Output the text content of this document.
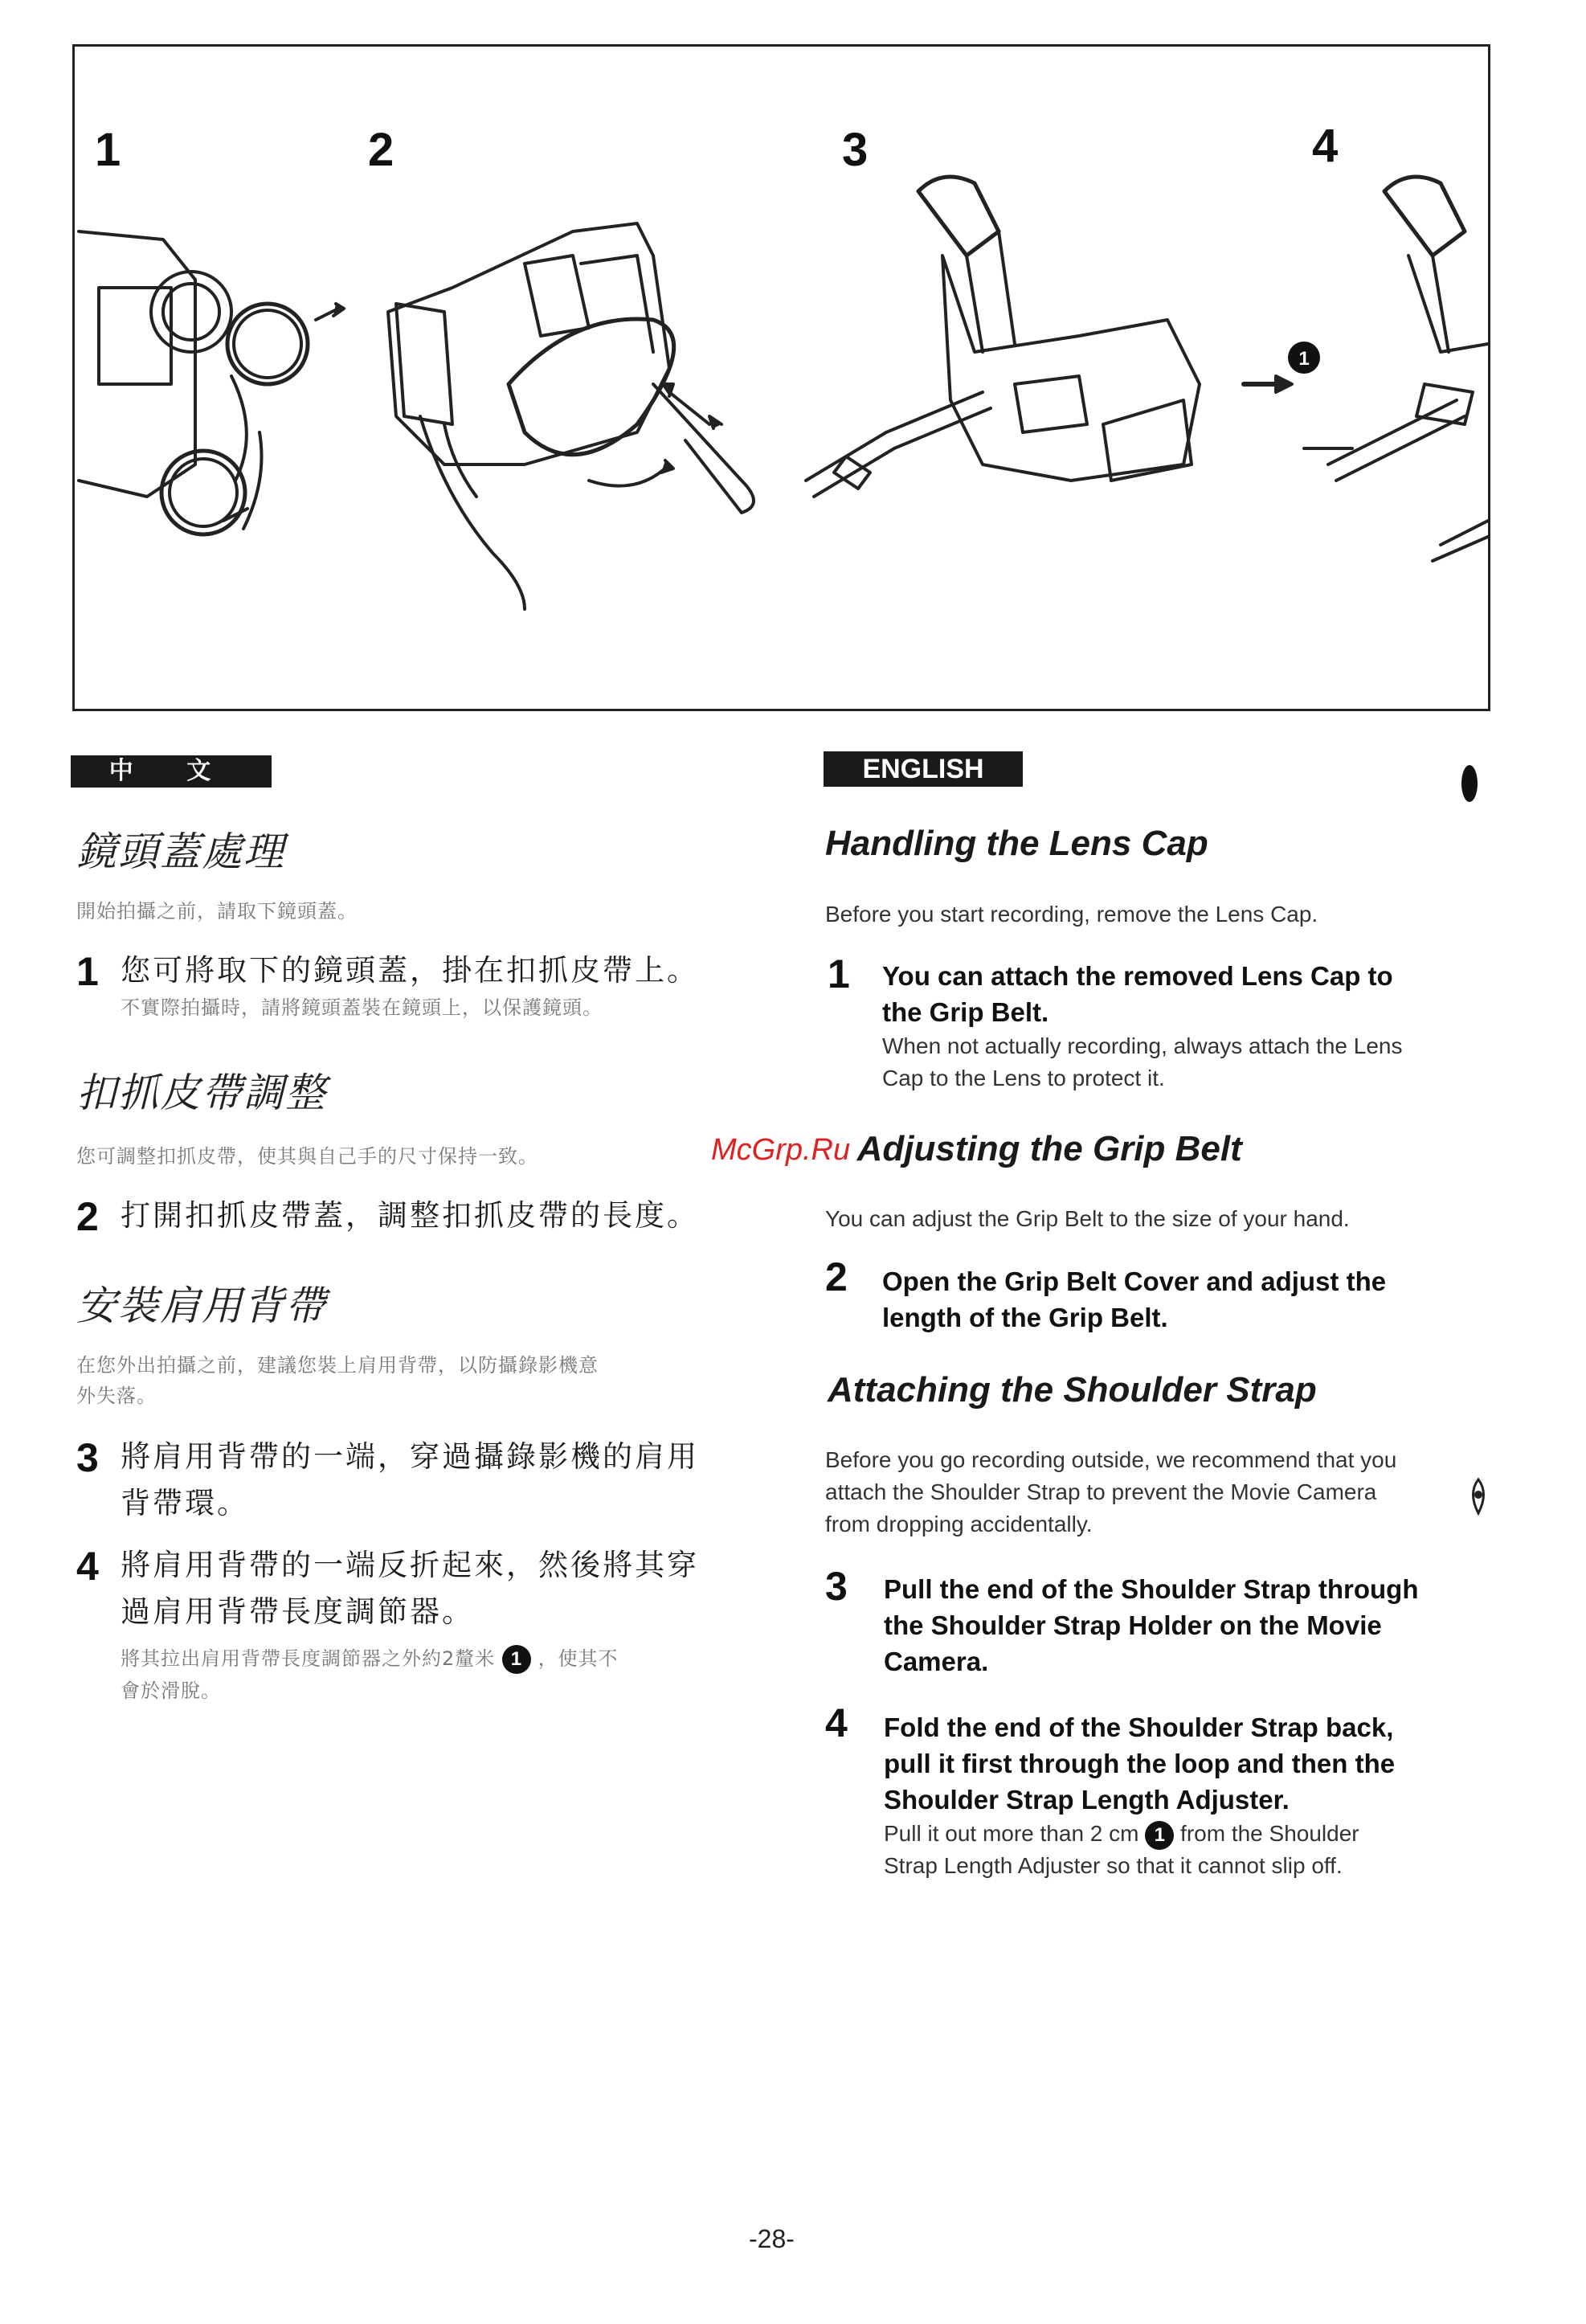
1	2	3	4
1
中 文
鏡頭蓋處理
開始拍攝之前，請取下鏡頭蓋。
1 您可將取下的鏡頭蓋，掛在扣抓皮帶上。
不實際拍攝時，請將鏡頭蓋裝在鏡頭上，以保護鏡頭。
扣抓皮帶調整
您可調整扣抓皮帶，使其與自己手的尺寸保持一致。
2 打開扣抓皮帶蓋，調整扣抓皮帶的長度。
安裝肩用背帶
在您外出拍攝之前，建議您裝上肩用背帶，以防攝錄影機意
外失落。
3 將肩用背帶的一端，穿過攝錄影機的肩用
背帶環。
4 將肩用背帶的一端反折起來，然後將其穿
過肩用背帶長度調節器。
將其拉出肩用背帶長度調節器之外約2釐米 1 ，使其不
會於滑脫。
ENGLISH
Handling the Lens Cap
Before you start recording, remove the Lens Cap.
1 You can attach the removed Lens Cap to
the Grip Belt.
When not actually recording, always attach the Lens
Cap to the Lens to protect it.
McGrp.Ru Adjusting the Grip Belt
You can adjust the Grip Belt to the size of your hand.
2 Open the Grip Belt Cover and adjust the
length of the Grip Belt.
Attaching the Shoulder Strap
Before you go recording outside, we recommend that you
attach the Shoulder Strap to prevent the Movie Camera
from dropping accidentally.
3 Pull the end of the Shoulder Strap through
the Shoulder Strap Holder on the Movie
Camera.
4 Fold the end of the Shoulder Strap back,
pull it first through the loop and then the
Shoulder Strap Length Adjuster.
Pull it out more than 2 cm 1 from the Shoulder
Strap Length Adjuster so that it cannot slip off.
-28-
